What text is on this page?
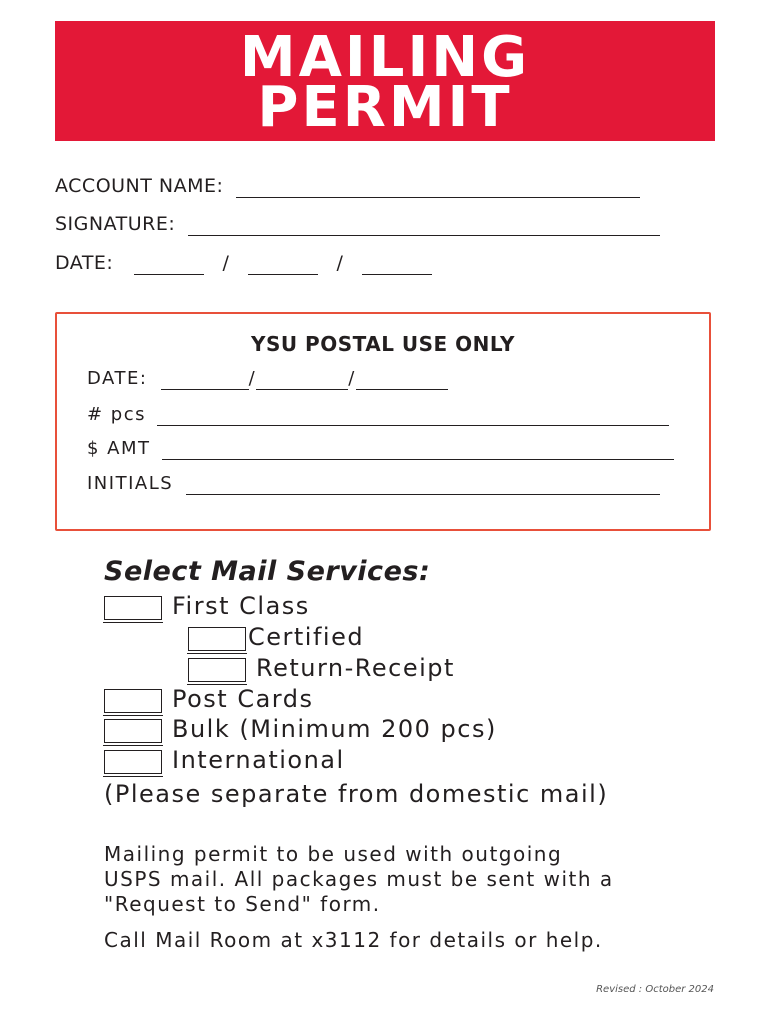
MAILING
PERMIT
ACCOUNT NAME:
SIGNATURE:
DATE:	/	/
YSU POSTAL USE ONLY
DATE:	/	/
# pcs
$ AMT
INITIALS
Select Mail Services:
First Class
Certified
Return-Receipt
Post Cards
Bulk (Minimum 200 pcs)
International
(Please separate from domestic mail)
Mailing permit to be used with outgoing
USPS mail. All packages must be sent with a
"Request to Send" form.
Call Mail Room at x3112 for details or help.
Revised : October 2024
